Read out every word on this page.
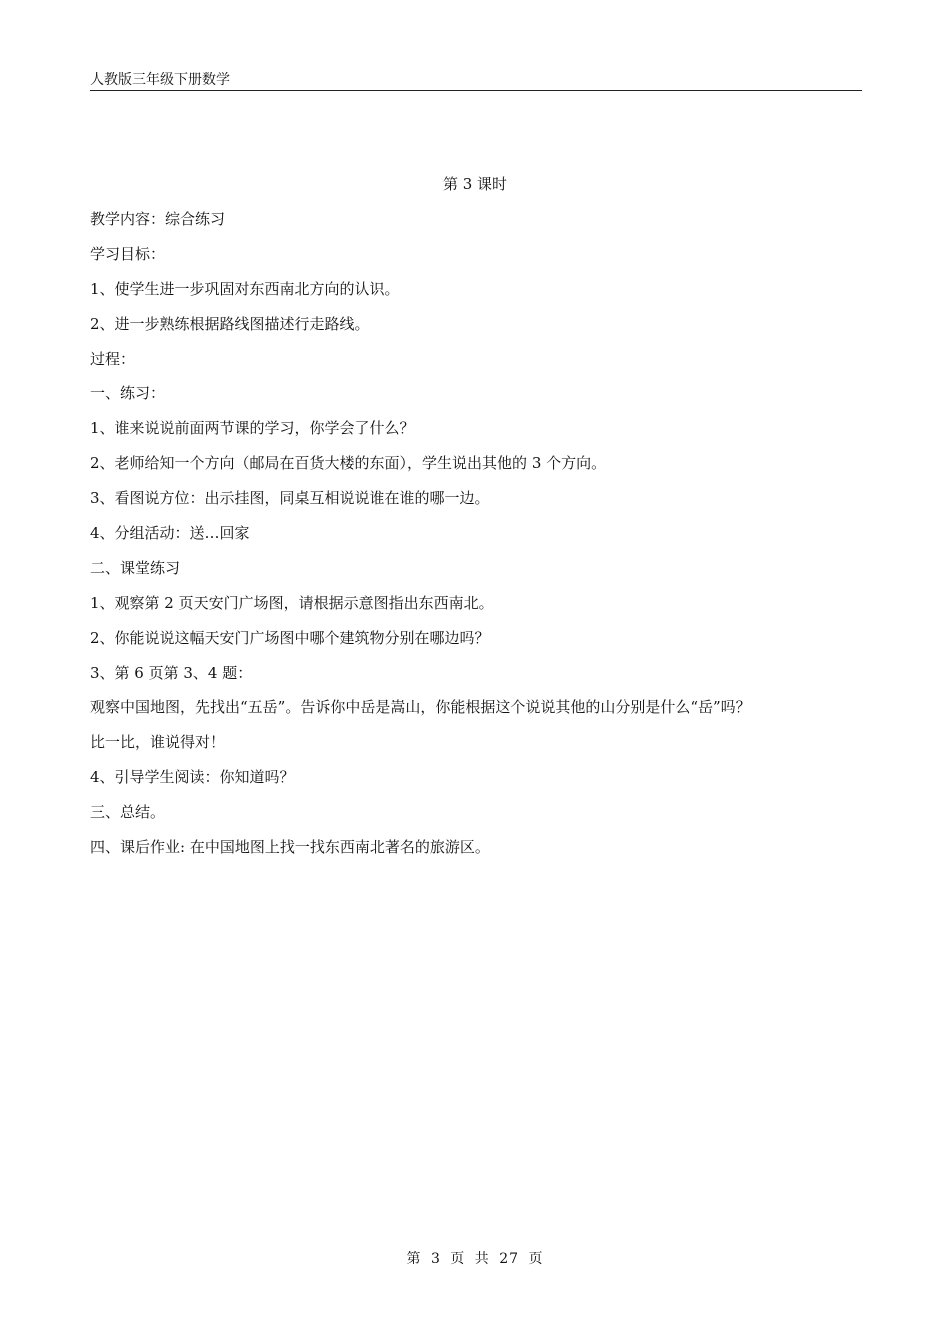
人教版三年级下册数学
第 3 课时
教学内容：综合练习
学习目标：
1、使学生进一步巩固对东西南北方向的认识。
2、进一步熟练根据路线图描述行走路线。
过程：
一、练习：
1、谁来说说前面两节课的学习，你学会了什么？
2、老师给知一个方向（邮局在百货大楼的东面），学生说出其他的 3 个方向。
3、看图说方位：出示挂图，同桌互相说说谁在谁的哪一边。
4、分组活动：送…回家
二、课堂练习
1、观察第 2 页天安门广场图，请根据示意图指出东西南北。
2、你能说说这幅天安门广场图中哪个建筑物分别在哪边吗？
3、第 6 页第 3、4 题：
观察中国地图，先找出“五岳”。告诉你中岳是嵩山，你能根据这个说说其他的山分别是什么“岳”吗？
比一比，谁说得对！
4、引导学生阅读：你知道吗？
三、总结。
四、课后作业: 在中国地图上找一找东西南北著名的旅游区。
第 3 页 共 27 页
